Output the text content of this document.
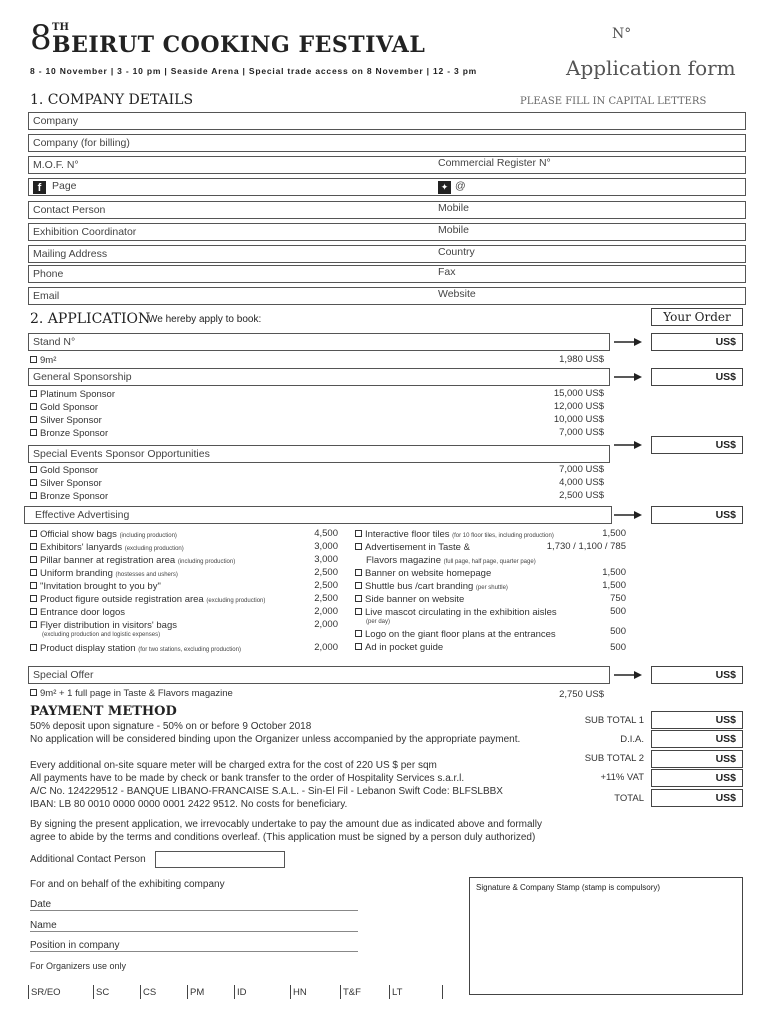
8 TH
BEIRUT COOKING FESTIVAL
8 - 10 November | 3 - 10 pm | Seaside Arena | Special trade access on 8 November | 12 - 3 pm
N°
Application form
1. COMPANY DETAILS	PLEASE FILL IN CAPITAL LETTERS
Company
Company (for billing)
M.O.F. N°	Commercial Register N°
f	Page	✦ @
Contact Person	Mobile
Exhibition Coordinator	Mobile
Mailing Address	Country
Phone	Fax
Email	Website
2. APPLICATION
We hereby apply to book:	Your Order
Stand N°	US$
9m²	1,980 US$
General Sponsorship	US$
Platinum Sponsor	15,000 US$
Gold Sponsor	12,000 US$
Silver Sponsor	10,000 US$
Bronze Sponsor	7,000 US$
US$
Special Events Sponsor Opportunities
Gold Sponsor	7,000 US$
Silver Sponsor	4,000 US$
Bronze Sponsor	2,500 US$
Effective Advertising	US$
Official show bags (including production)	4,500
Exhibitors' lanyards (excluding production)	3,000
Pillar banner at registration area (including production)	3,000
Uniform branding (hostesses and ushers)	2,500
"Invitation brought to you by"	2,500
Product figure outside registration area (excluding production)	2,500
Entrance door logos	2,000
Flyer distribution in visitors' bags	2,000
(excluding production and logistic expenses)
Product display station (for two stations, excluding production)	2,000
Interactive floor tiles (for 10 floor tiles, including production)	1,500
Advertisement in Taste &	1,730 / 1,100 / 785
Flavors magazine (full page, half page, quarter page)
Banner on website homepage	1,500
Shuttle bus /cart branding (per shuttle)	1,500
Side banner on website	750
Live mascot circulating in the exhibition aisles
(per day)
500
Logo on the giant floor plans at the entrances	500
Ad in pocket guide	500
Special Offer	US$
9m² + 1 full page in Taste & Flavors magazine	2,750 US$
PAYMENT METHOD
50% deposit upon signature - 50% on or before 9 October 2018
No application will be considered binding upon the Organizer unless accompanied by the appropriate payment.
Every additional on-site square meter will be charged extra for the cost of 220 US $ per sqm
All payments have to be made by check or bank transfer to the order of Hospitality Services s.a.r.l.
A/C No. 124229512 - BANQUE LIBANO-FRANCAISE S.A.L. - Sin-El Fil - Lebanon Swift Code: BLFSLBBX
IBAN: LB 80 0010 0000 0000 0001 2422 9512. No costs for beneficiary.
SUB TOTAL 1	US$
D.I.A.	US$
SUB TOTAL 2	US$
+11% VAT	US$
TOTAL	US$
By signing the present application, we irrevocably undertake to pay the amount due as indicated above and formally
agree to abide by the terms and conditions overleaf. (This application must be signed by a person duly authorized)
Additional Contact Person
For and on behalf of the exhibiting company
Date
Name
Position in company
For Organizers use only
Signature & Company Stamp (stamp is compulsory)
SR/EO	SC	CS	PM	ID	HN	T&F	LT
